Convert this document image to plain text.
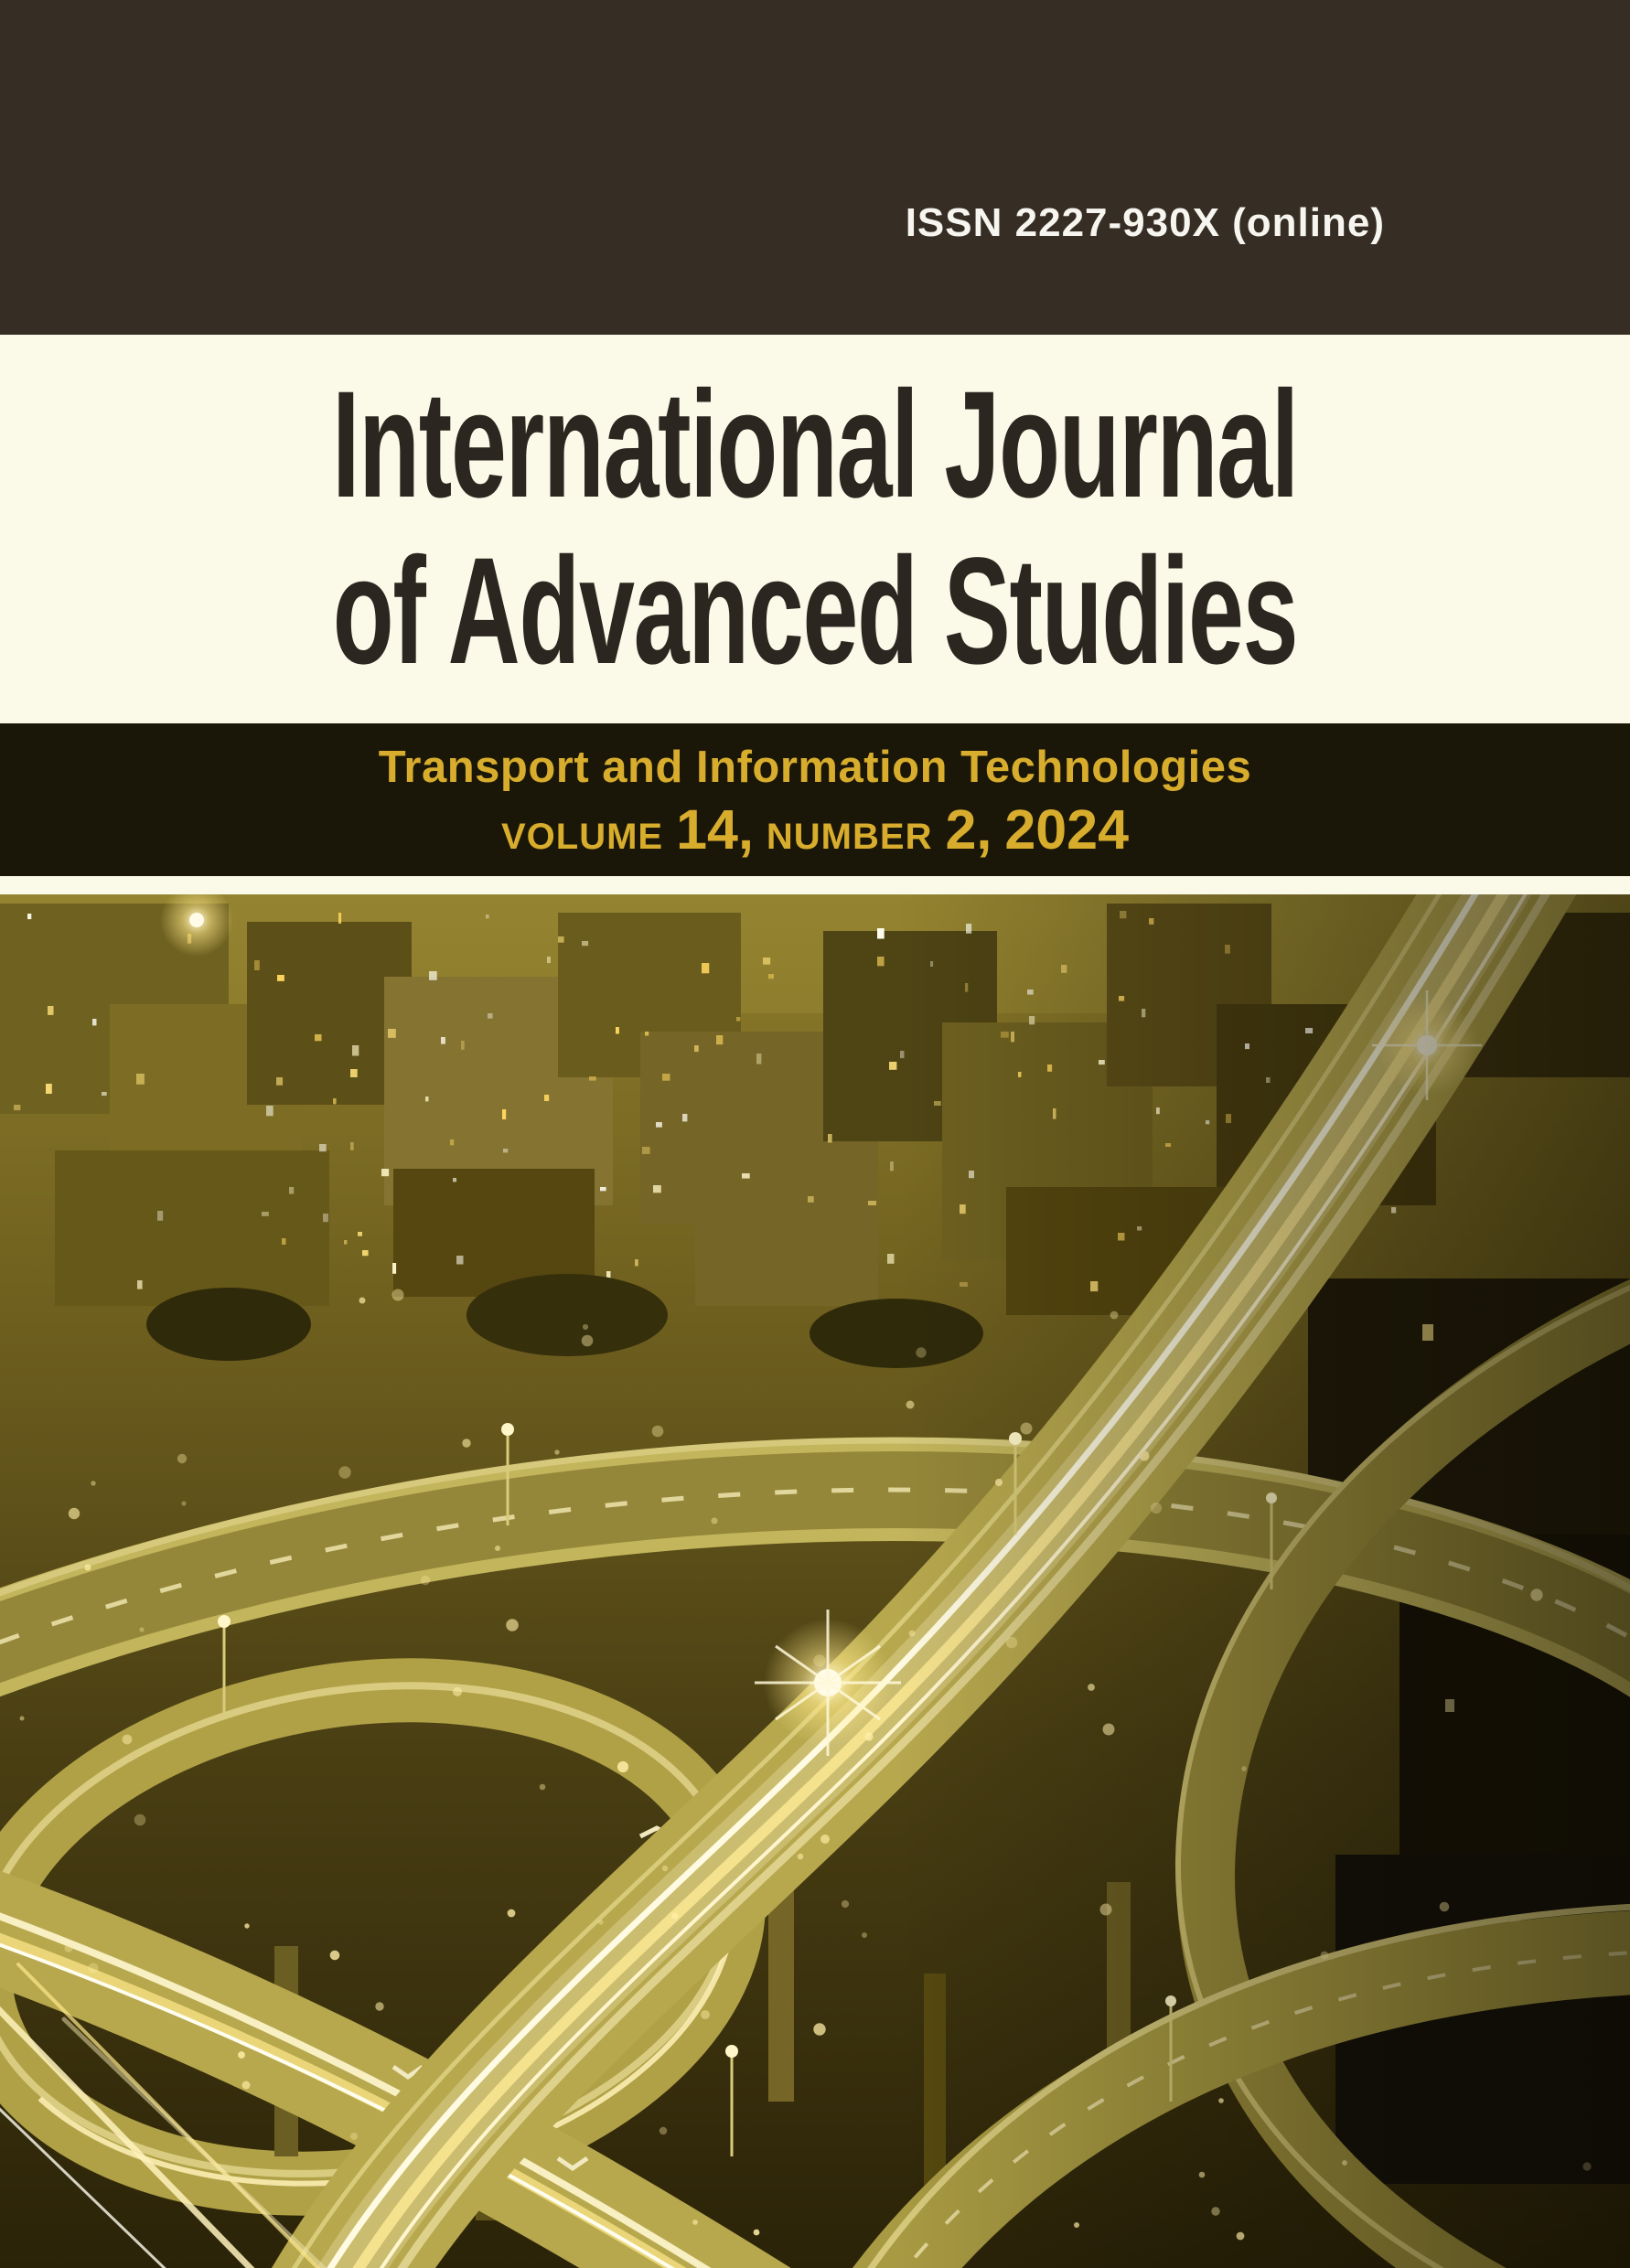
ISSN 2227-930X (online)
International Journal
of Advanced Studies
Transport and Information Technologies
VOLUME 14, NUMBER 2, 2024
